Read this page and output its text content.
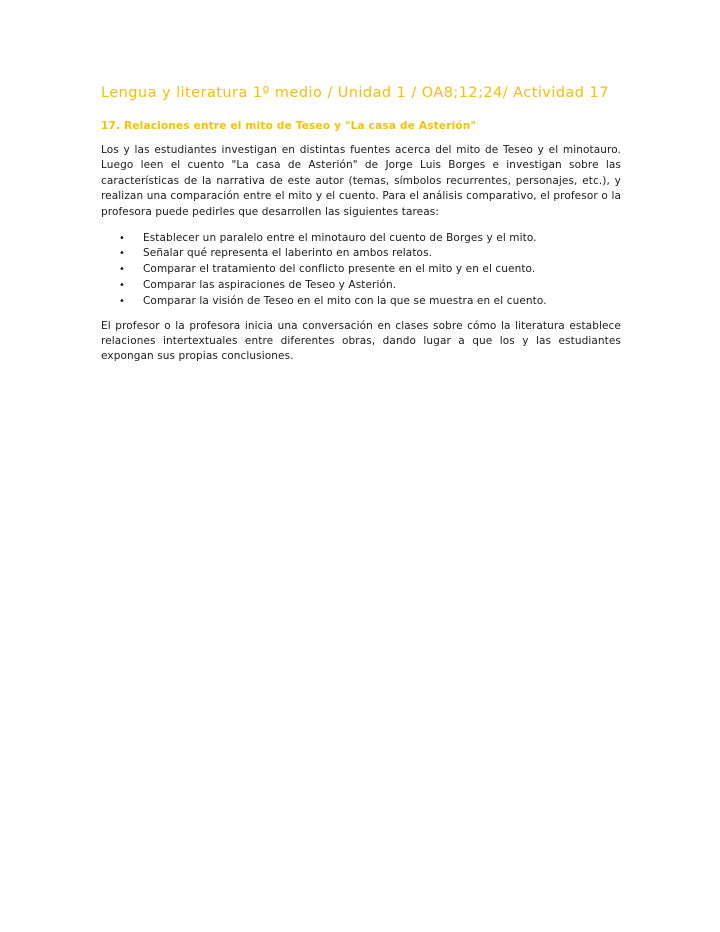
Lengua y literatura 1º medio / Unidad 1 / OA8;12;24/ Actividad 17
17. Relaciones entre el mito de Teseo y "La casa de Asterión"

Los y las estudiantes investigan en distintas fuentes acerca del mito de Teseo y el minotauro. Luego leen el cuento "La casa de Asterión" de Jorge Luis Borges e investigan sobre las características de la narrativa de este autor (temas, símbolos recurrentes, personajes, etc.), y realizan una comparación entre el mito y el cuento. Para el análisis comparativo, el profesor o la profesora puede pedirles que desarrollen las siguientes tareas:

• Establecer un paralelo entre el minotauro del cuento de Borges y el mito.
• Señalar qué representa el laberinto en ambos relatos.
• Comparar el tratamiento del conflicto presente en el mito y en el cuento.
• Comparar las aspiraciones de Teseo y Asterión.
• Comparar la visión de Teseo en el mito con la que se muestra en el cuento.

El profesor o la profesora inicia una conversación en clases sobre cómo la literatura establece relaciones intertextuales entre diferentes obras, dando lugar a que los y las estudiantes expongan sus propias conclusiones.
